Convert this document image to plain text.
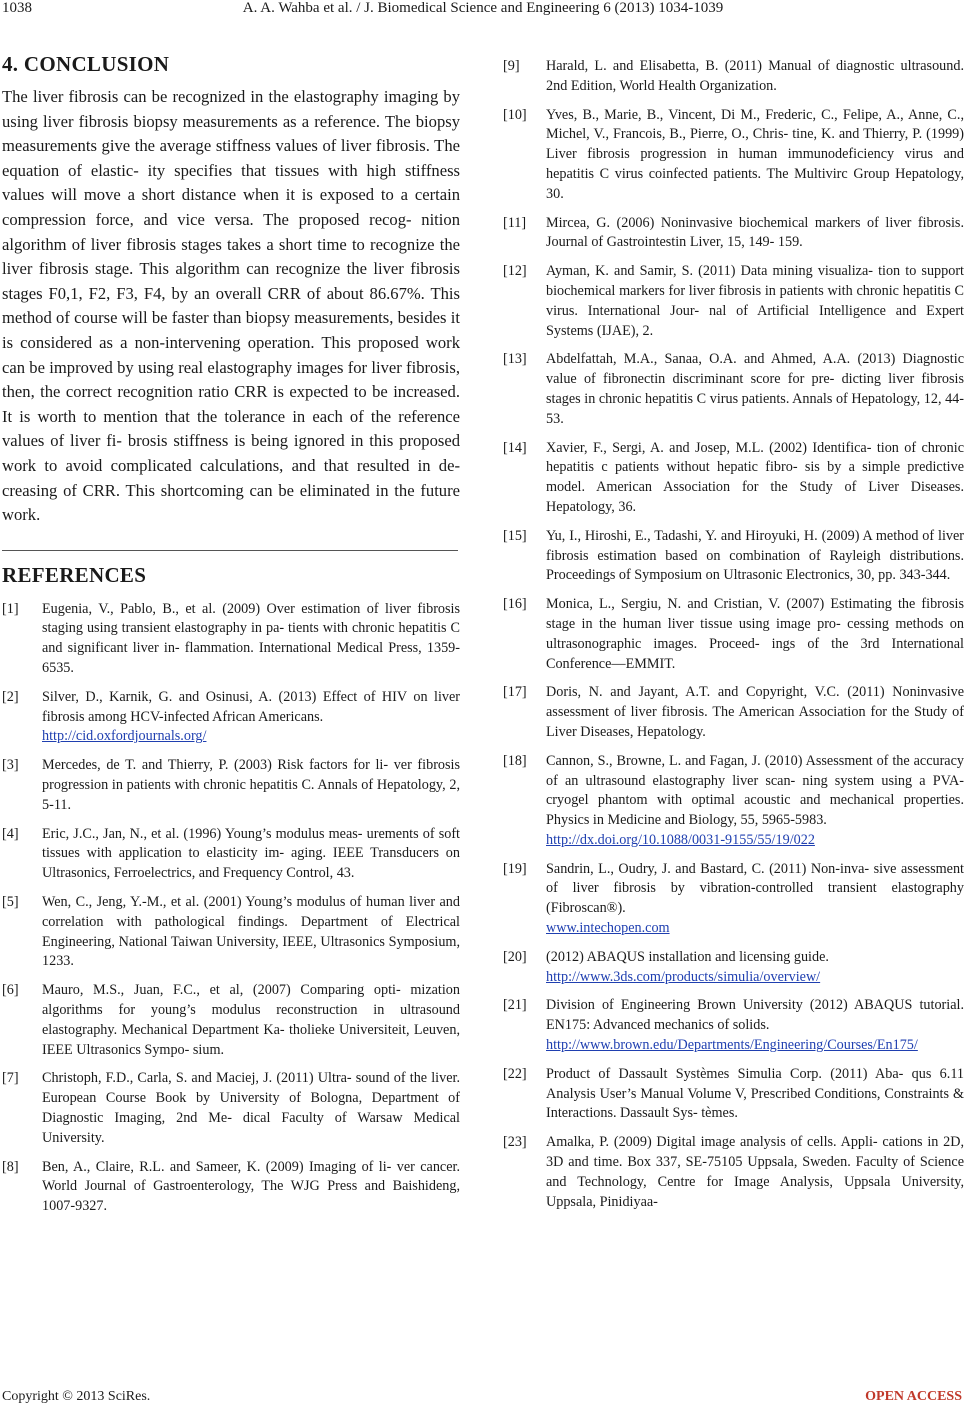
1038	A. A. Wahba et al. / J. Biomedical Science and Engineering 6 (2013) 1034-1039
4. CONCLUSION
The liver fibrosis can be recognized in the elastography imaging by using liver fibrosis biopsy measurements as a reference. The biopsy measurements give the average stiffness values of liver fibrosis. The equation of elastic- ity specifies that tissues with high stiffness values will move a short distance when it is exposed to a certain compression force, and vice versa. The proposed recog- nition algorithm of liver fibrosis stages takes a short time to recognize the liver fibrosis stage. This algorithm can recognize the liver fibrosis stages F0,1, F2, F3, F4, by an overall CRR of about 86.67%. This method of course will be faster than biopsy measurements, besides it is considered as a non-intervening operation. This proposed work can be improved by using real elastography images for liver fibrosis, then, the correct recognition ratio CRR is expected to be increased. It is worth to mention that the tolerance in each of the reference values of liver fi- brosis stiffness is being ignored in this proposed work to avoid complicated calculations, and that resulted in de- creasing of CRR. This shortcoming can be eliminated in the future work.
REFERENCES
[1] Eugenia, V., Pablo, B., et al. (2009) Over estimation of liver fibrosis staging using transient elastography in pa- tients with chronic hepatitis C and significant liver in- flammation. International Medical Press, 1359-6535.
[2] Silver, D., Karnik, G. and Osinusi, A. (2013) Effect of HIV on liver fibrosis among HCV-infected African Americans.
http://cid.oxfordjournals.org/
[3] Mercedes, de T. and Thierry, P. (2003) Risk factors for li- ver fibrosis progression in patients with chronic hepatitis C. Annals of Hepatology, 2, 5-11.
[4] Eric, J.C., Jan, N., et al. (1996) Young’s modulus meas- urements of soft tissues with application to elasticity im- aging. IEEE Transducers on Ultrasonics, Ferroelectrics, and Frequency Control, 43.
[5] Wen, C., Jeng, Y.-M., et al. (2001) Young’s modulus of human liver and correlation with pathological findings. Department of Electrical Engineering, National Taiwan University, IEEE, Ultrasonics Symposium, 1233.
[6] Mauro, M.S., Juan, F.C., et al, (2007) Comparing opti- mization algorithms for young’s modulus reconstruction in ultrasound elastography. Mechanical Department Ka- tholieke Universiteit, Leuven, IEEE Ultrasonics Sympo- sium.
[7] Christoph, F.D., Carla, S. and Maciej, J. (2011) Ultra- sound of the liver. European Course Book by University of Bologna, Department of Diagnostic Imaging, 2nd Me- dical Faculty of Warsaw Medical University.
[8] Ben, A., Claire, R.L. and Sameer, K. (2009) Imaging of li- ver cancer. World Journal of Gastroenterology, The WJG Press and Baishideng, 1007-9327.
[9] Harald, L. and Elisabetta, B. (2011) Manual of diagnostic ultrasound. 2nd Edition, World Health Organization.
[10] Yves, B., Marie, B., Vincent, Di M., Frederic, C., Felipe, A., Anne, C., Michel, V., Francois, B., Pierre, O., Chris- tine, K. and Thierry, P. (1999) Liver fibrosis progression in human immunodeficiency virus and hepatitis C virus coinfected patients. The Multivirc Group Hepatology, 30.
[11] Mircea, G. (2006) Noninvasive biochemical markers of liver fibrosis. Journal of Gastrointestin Liver, 15, 149- 159.
[12] Ayman, K. and Samir, S. (2011) Data mining visualiza- tion to support biochemical markers for liver fibrosis in patients with chronic hepatitis C virus. International Jour- nal of Artificial Intelligence and Expert Systems (IJAE), 2.
[13] Abdelfattah, M.A., Sanaa, O.A. and Ahmed, A.A. (2013) Diagnostic value of fibronectin discriminant score for pre- dicting liver fibrosis stages in chronic hepatitis C virus patients. Annals of Hepatology, 12, 44-53.
[14] Xavier, F., Sergi, A. and Josep, M.L. (2002) Identifica- tion of chronic hepatitis c patients without hepatic fibro- sis by a simple predictive model. American Association for the Study of Liver Diseases. Hepatology, 36.
[15] Yu, I., Hiroshi, E., Tadashi, Y. and Hiroyuki, H. (2009) A method of liver fibrosis estimation based on combination of Rayleigh distributions. Proceedings of Symposium on Ultrasonic Electronics, 30, pp. 343-344.
[16] Monica, L., Sergiu, N. and Cristian, V. (2007) Estimating the fibrosis stage in the human liver tissue using image pro- cessing methods on ultrasonographic images. Proceed- ings of the 3rd International Conference—EMMIT.
[17] Doris, N. and Jayant, A.T. and Copyright, V.C. (2011) Noninvasive assessment of liver fibrosis. The American Association for the Study of Liver Diseases, Hepatology.
[18] Cannon, S., Browne, L. and Fagan, J. (2010) Assessment of the accuracy of an ultrasound elastography liver scan- ning system using a PVA-cryogel phantom with optimal acoustic and mechanical properties. Physics in Medicine and Biology, 55, 5965-5983.
http://dx.doi.org/10.1088/0031-9155/55/19/022
[19] Sandrin, L., Oudry, J. and Bastard, C. (2011) Non-inva- sive assessment of liver fibrosis by vibration-controlled transient elastography (Fibroscan®).
www.intechopen.com
[20] (2012) ABAQUS installation and licensing guide.
http://www.3ds.com/products/simulia/overview/
[21] Division of Engineering Brown University (2012) ABAQUS tutorial. EN175: Advanced mechanics of solids.
http://www.brown.edu/Departments/Engineering/Courses/En175/
[22] Product of Dassault Systèmes Simulia Corp. (2011) Aba- qus 6.11 Analysis User’s Manual Volume V, Prescribed Conditions, Constraints & Interactions. Dassault Sys- tèmes.
[23] Amalka, P. (2009) Digital image analysis of cells. Appli- cations in 2D, 3D and time. Box 337, SE-75105 Uppsala, Sweden. Faculty of Science and Technology, Centre for Image Analysis, Uppsala University, Uppsala, Pinidiyaa-
Copyright © 2013 SciRes.	OPEN ACCESS
